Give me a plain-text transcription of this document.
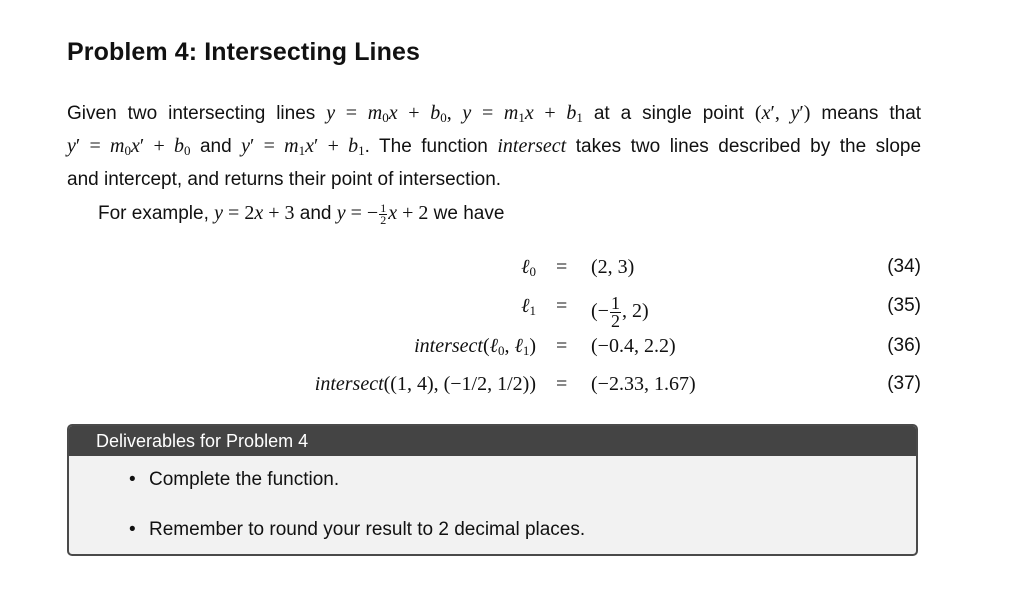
Problem 4: Intersecting Lines
Given two intersecting lines $y = m_0x + b_0$, $y = m_1x + b_1$ at a single point (x′, y′) means that
$y' = m_0x' + b_0$ and $y' = m_1x' + b_1$. The function intersect takes two lines described by the slope
and intercept, and returns their point of intersection.
For example, y = 2x + 3 and y = − $\frac{1}{2}$ x + 2 we have
ℓ$_0$ = (2, 3)	(34)
ℓ$_1$ = (− $\frac{1}{2}$ , 2)	(35)
intersect(ℓ$_0$, ℓ$_1$) = (−0.4, 2.2)	(36)
intersect((1, 4), (−1/2, 1/2)) = (−2.33, 1.67)	(37)
Deliverables for Problem 4
• Complete the function.
• Remember to round your result to 2 decimal places.
